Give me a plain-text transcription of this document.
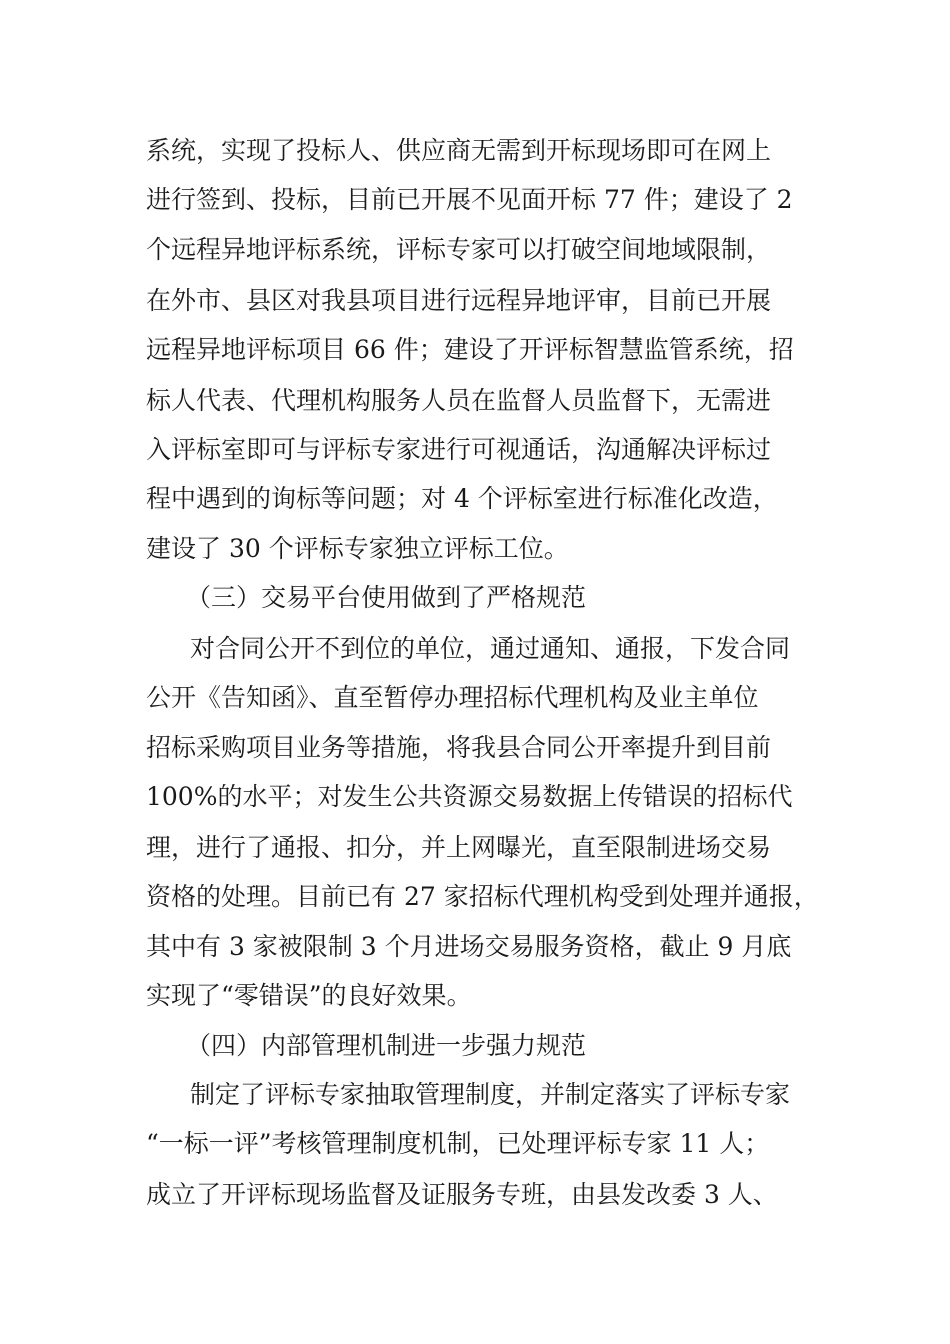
系统，实现了投标人、供应商无需到开标现场即可在网上
进行签到、投标，目前已开展不见面开标 77 件；建设了 2
个远程异地评标系统，评标专家可以打破空间地域限制，
在外市、县区对我县项目进行远程异地评审，目前已开展
远程异地评标项目 66 件；建设了开评标智慧监管系统，招
标人代表、代理机构服务人员在监督人员监督下，无需进
入评标室即可与评标专家进行可视通话，沟通解决评标过
程中遇到的询标等问题；对 4 个评标室进行标准化改造，
建设了 30 个评标专家独立评标工位。
（三）交易平台使用做到了严格规范
对合同公开不到位的单位，通过通知、通报，下发合同
公开《告知函》、直至暂停办理招标代理机构及业主单位
招标采购项目业务等措施，将我县合同公开率提升到目前
100%的水平；对发生公共资源交易数据上传错误的招标代
理，进行了通报、扣分，并上网曝光，直至限制进场交易
资格的处理。目前已有 27 家招标代理机构受到处理并通报，
其中有 3 家被限制 3 个月进场交易服务资格，截止 9 月底
实现了“零错误”的良好效果。
（四）内部管理机制进一步强力规范
制定了评标专家抽取管理制度，并制定落实了评标专家
“一标一评”考核管理制度机制，已处理评标专家 11 人；
成立了开评标现场监督及证服务专班，由县发改委 3 人、
